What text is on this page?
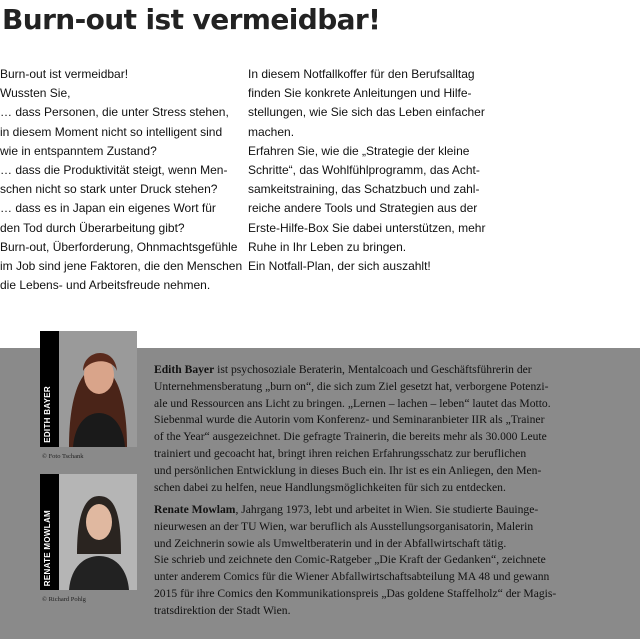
Burn-out ist vermeidbar!
Burn-out ist vermeidbar!
Wussten Sie,
… dass Personen, die unter Stress stehen,
in diesem Moment nicht so intelligent sind
wie in entspanntem Zustand?
… dass die Produktivität steigt, wenn Men-
schen nicht so stark unter Druck stehen?
… dass es in Japan ein eigenes Wort für
den Tod durch Überarbeitung gibt?
Burn-out, Überforderung, Ohnmachtsgefühle
im Job sind jene Faktoren, die den Menschen
die Lebens- und Arbeitsfreude nehmen.
In diesem Notfallkoffer für den Berufsalltag
finden Sie konkrete Anleitungen und Hilfe-
stellungen, wie Sie sich das Leben einfacher
machen.
Erfahren Sie, wie die „Strategie der kleine
Schritte“, das Wohlfühlprogramm, das Acht-
samkeitstraining, das Schatzbuch und zahl-
reiche andere Tools und Strategien aus der
Erste-Hilfe-Box Sie dabei unterstützen, mehr
Ruhe in Ihr Leben zu bringen.
Ein Notfall-Plan, der sich auszahlt!
EDITH BAYER
© Foto Tschank
RENATE MOWLAM
© Richard Pohlg
Edith Bayer ist psychosoziale Beraterin, Mentalcoach und Geschäftsführerin der
Unternehmensberatung „burn on“, die sich zum Ziel gesetzt hat, verborgene Potenzi-
ale und Ressourcen ans Licht zu bringen. „Lernen – lachen – leben“ lautet das Motto.
Siebenmal wurde die Autorin vom Konferenz- und Seminaranbieter IIR als „Trainer
of the Year“ ausgezeichnet. Die gefragte Trainerin, die bereits mehr als 30.000 Leute
trainiert und gecoacht hat, bringt ihren reichen Erfahrungsschatz zur beruflichen
und persönlichen Entwicklung in dieses Buch ein. Ihr ist es ein Anliegen, den Men-
schen dabei zu helfen, neue Handlungsmöglichkeiten für sich zu entdecken.
Renate Mowlam, Jahrgang 1973, lebt und arbeitet in Wien. Sie studierte Bauinge-
nieurwesen an der TU Wien, war beruflich als Ausstellungsorganisatorin, Malerin
und Zeichnerin sowie als Umweltberaterin und in der Abfallwirtschaft tätig.
Sie schrieb und zeichnete den Comic-Ratgeber „Die Kraft der Gedanken“, zeichnete
unter anderem Comics für die Wiener Abfallwirtschaftsabteilung MA 48 und gewann
2015 für ihre Comics den Kommunikationspreis „Das goldene Staffelholz“ der Magis-
tratsdirektion der Stadt Wien.
